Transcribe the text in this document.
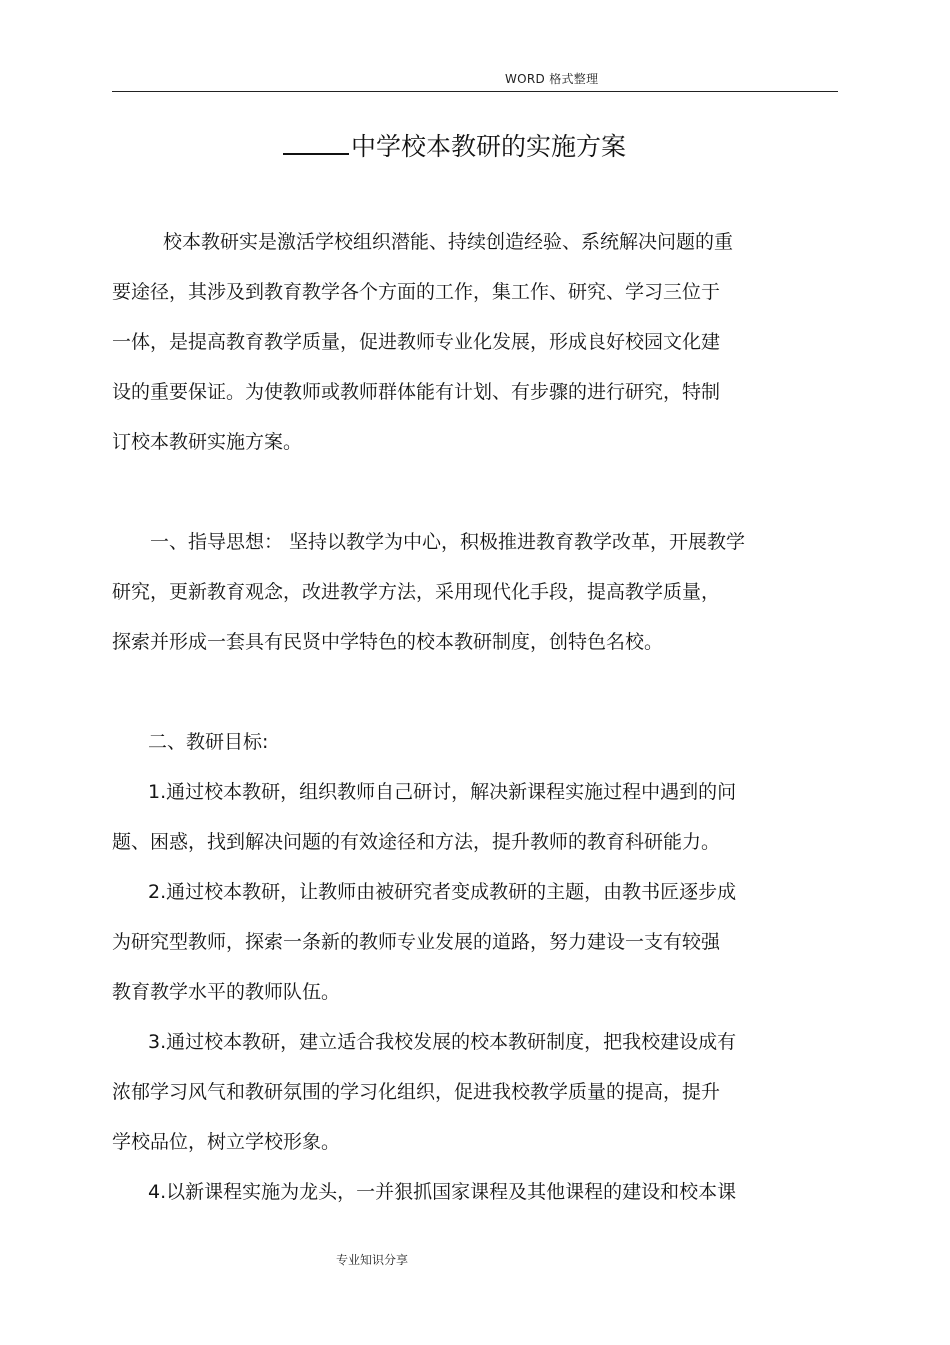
WORD 格式整理
中学校本教研的实施方案
校本教研实是激活学校组织潜能、持续创造经验、系统解决问题的重
要途径，其涉及到教育教学各个方面的工作，集工作、研究、学习三位于
一体，是提高教育教学质量，促进教师专业化发展，形成良好校园文化建
设的重要保证。为使教师或教师群体能有计划、有步骤的进行研究，特制
订校本教研实施方案。
一、指导思想： 坚持以教学为中心，积极推进教育教学改革，开展教学
研究，更新教育观念，改进教学方法，采用现代化手段，提高教学质量，
探索并形成一套具有民贤中学特色的校本教研制度，创特色名校。
二、教研目标:
1.通过校本教研，组织教师自己研讨，解决新课程实施过程中遇到的问
题、困惑，找到解决问题的有效途径和方法，提升教师的教育科研能力。
2.通过校本教研，让教师由被研究者变成教研的主题，由教书匠逐步成
为研究型教师，探索一条新的教师专业发展的道路，努力建设一支有较强
教育教学水平的教师队伍。
3.通过校本教研，建立适合我校发展的校本教研制度，把我校建设成有
浓郁学习风气和教研氛围的学习化组织，促进我校教学质量的提高，提升
学校品位，树立学校形象。
4.以新课程实施为龙头，一并狠抓国家课程及其他课程的建设和校本课
专业知识分享
